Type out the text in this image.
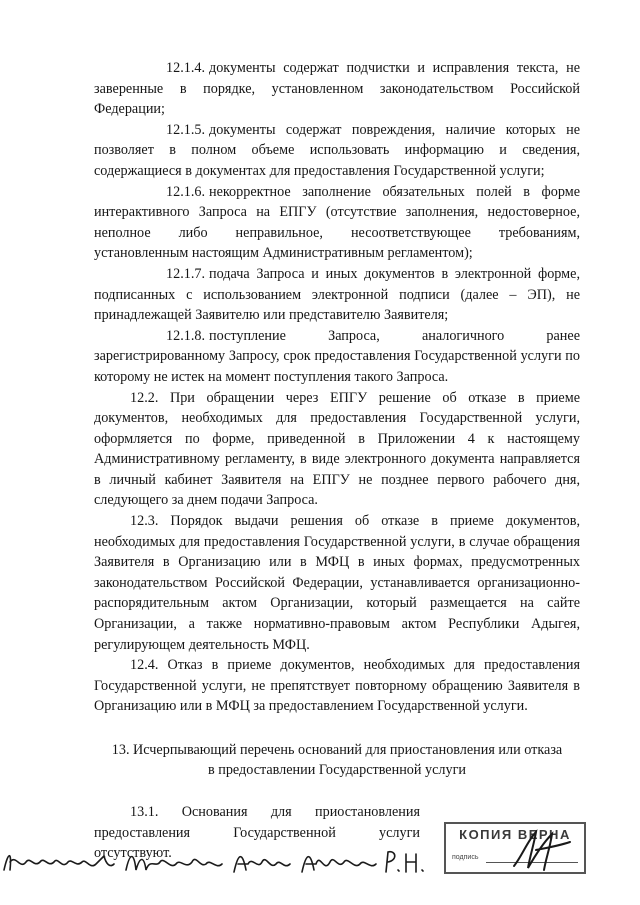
12.1.4. документы содержат подчистки и исправления текста, не заверенные в порядке, установленном законодательством Российской Федерации;

12.1.5. документы содержат повреждения, наличие которых не позволяет в полном объеме использовать информацию и сведения, содержащиеся в документах для предоставления Государственной услуги;

12.1.6. некорректное заполнение обязательных полей в форме интерактивного Запроса на ЕПГУ (отсутствие заполнения, недостоверное, неполное либо неправильное, несоответствующее требованиям, установленным настоящим Административным регламентом);

12.1.7. подача Запроса и иных документов в электронной форме, подписанных с использованием электронной подписи (далее – ЭП), не принадлежащей Заявителю или представителю Заявителя;

12.1.8. поступление Запроса, аналогичного ранее зарегистрированному Запросу, срок предоставления Государственной услуги по которому не истек на момент поступления такого Запроса.

12.2. При обращении через ЕПГУ решение об отказе в приеме документов, необходимых для предоставления Государственной услуги, оформляется по форме, приведенной в Приложении 4 к настоящему Административному регламенту, в виде электронного документа направляется в личный кабинет Заявителя на ЕПГУ не позднее первого рабочего дня, следующего за днем подачи Запроса.

12.3. Порядок выдачи решения об отказе в приеме документов, необходимых для предоставления Государственной услуги, в случае обращения Заявителя в Организацию или в МФЦ в иных формах, предусмотренных законодательством Российской Федерации, устанавливается организационно-распорядительным актом Организации, который размещается на сайте Организации, а также нормативно-правовым актом Республики Адыгея, регулирующем деятельность МФЦ.

12.4. Отказ в приеме документов, необходимых для предоставления Государственной услуги, не препятствует повторному обращению Заявителя в Организацию или в МФЦ за предоставлением Государственной услуги.

13. Исчерпывающий перечень оснований для приостановления или отказа
в предоставлении Государственной услуги

13.1. Основания для приостановления предоставления Государственной услуги отсутствуют.

КОПИЯ ВЕРНА
подпись
